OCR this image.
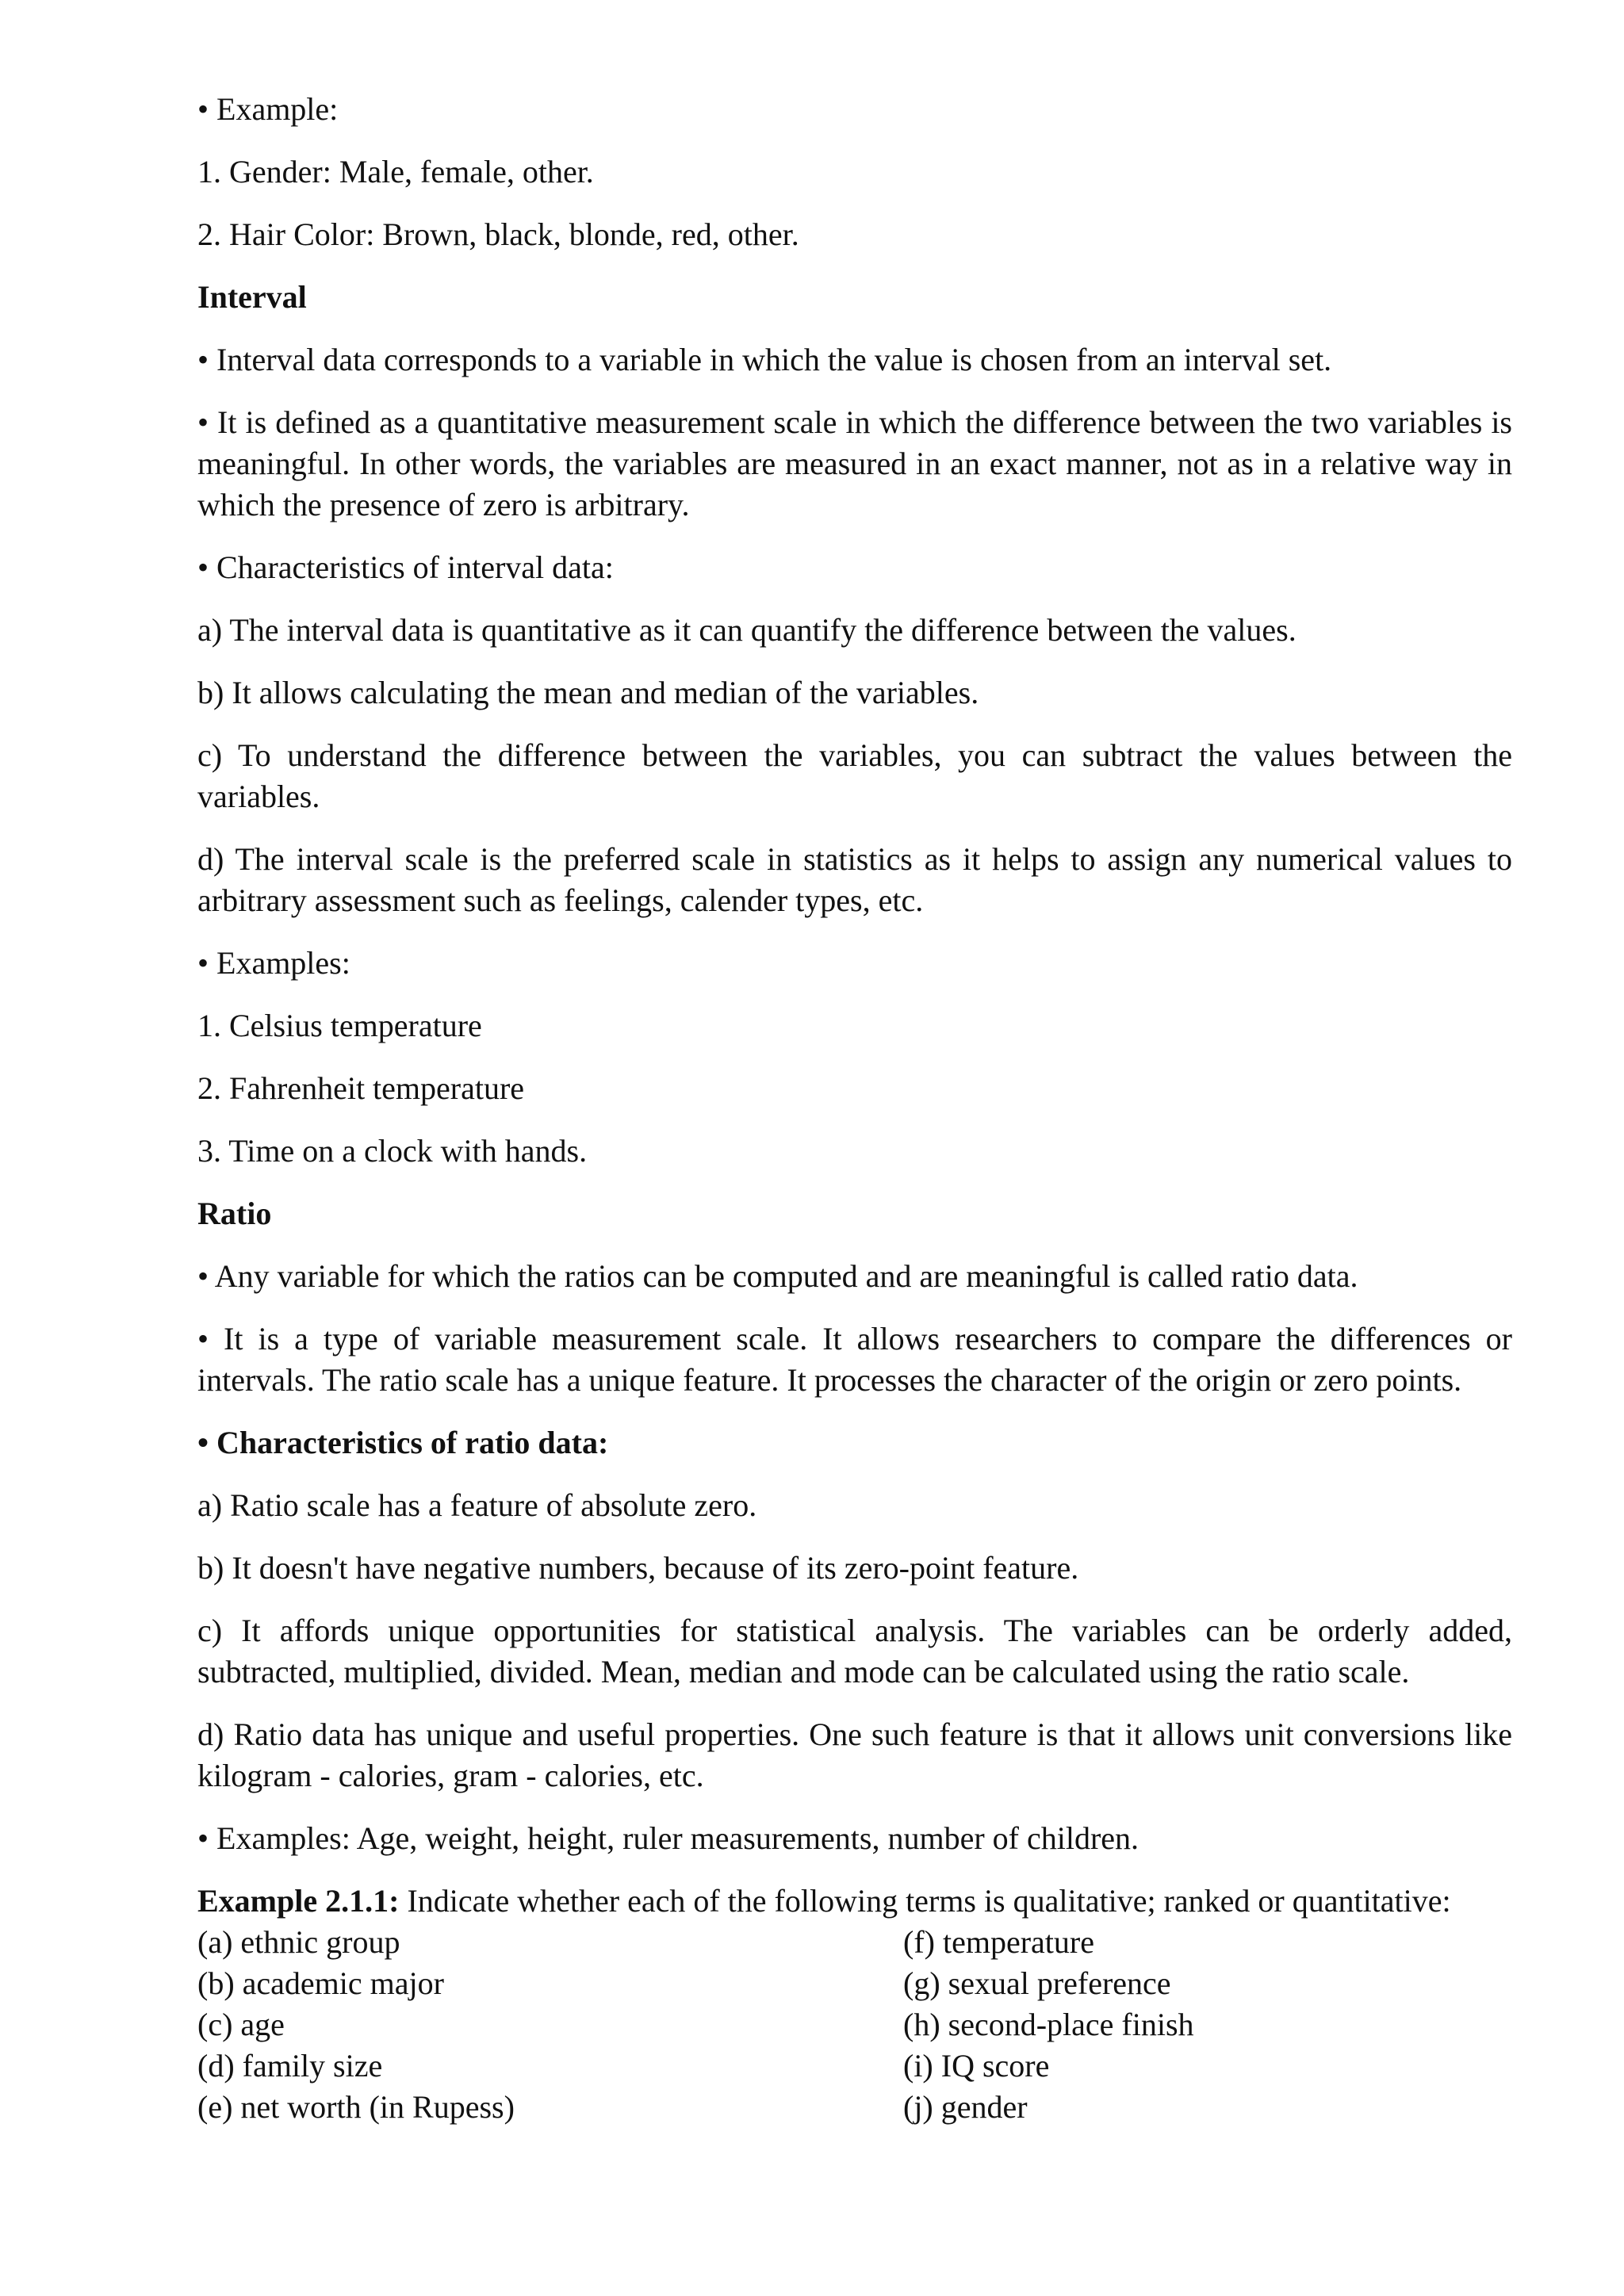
• Example:

1. Gender: Male, female, other.

2. Hair Color: Brown, black, blonde, red, other.

Interval

• Interval data corresponds to a variable in which the value is chosen from an interval set.

• It is defined as a quantitative measurement scale in which the difference between the two variables is meaningful. In other words, the variables are measured in an exact manner, not as in a relative way in which the presence of zero is arbitrary.

• Characteristics of interval data:

a) The interval data is quantitative as it can quantify the difference between the values.

b) It allows calculating the mean and median of the variables.

c) To understand the difference between the variables, you can subtract the values between the variables.

d) The interval scale is the preferred scale in statistics as it helps to assign any numerical values to arbitrary assessment such as feelings, calender types, etc.

• Examples:

1. Celsius temperature

2. Fahrenheit temperature

3. Time on a clock with hands.

Ratio

• Any variable for which the ratios can be computed and are meaningful is called ratio data.

• It is a type of variable measurement scale. It allows researchers to compare the differences or intervals. The ratio scale has a unique feature. It processes the character of the origin or zero points.

• Characteristics of ratio data:

a) Ratio scale has a feature of absolute zero.

b) It doesn't have negative numbers, because of its zero-point feature.

c) It affords unique opportunities for statistical analysis. The variables can be orderly added, subtracted, multiplied, divided. Mean, median and mode can be calculated using the ratio scale.

d) Ratio data has unique and useful properties. One such feature is that it allows unit conversions like kilogram - calories, gram - calories, etc.

• Examples: Age, weight, height, ruler measurements, number of children.

Example 2.1.1: Indicate whether each of the following terms is qualitative; ranked or quantitative:

(a) ethnic group	(f) temperature

(b) academic major	(g) sexual preference

(c) age	(h) second-place finish

(d) family size	(i) IQ score

(e) net worth (in Rupess)	(j) gender
